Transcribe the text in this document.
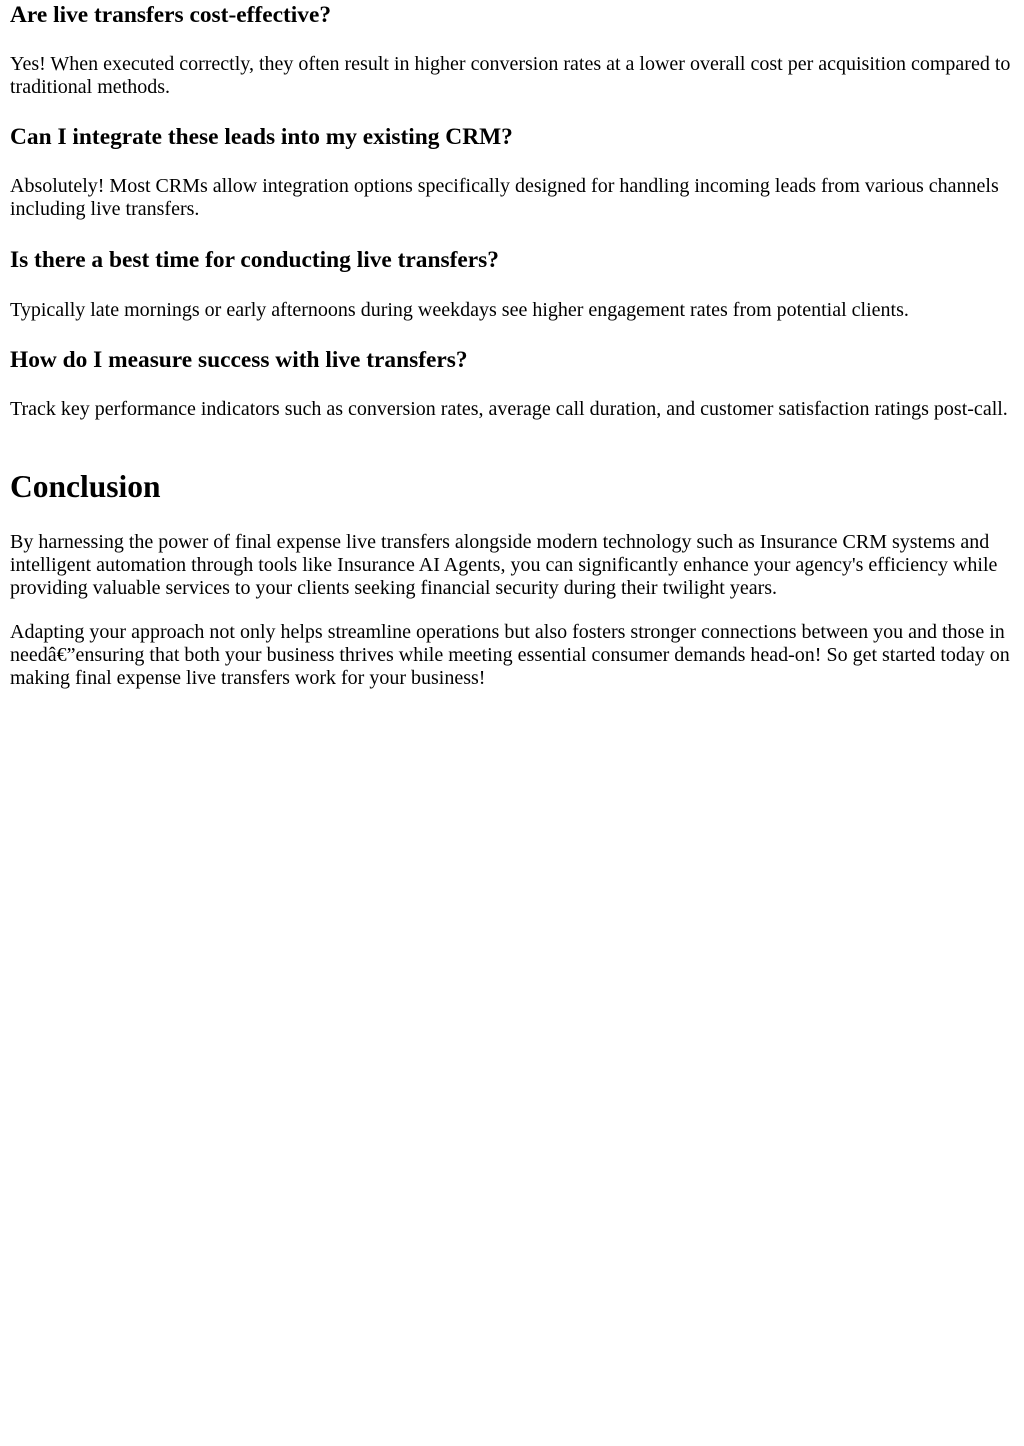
Are live transfers cost-effective?

Yes! When executed correctly, they often result in higher conversion rates at a lower overall cost per acquisition compared to traditional methods.

Can I integrate these leads into my existing CRM?

Absolutely! Most CRMs allow integration options specifically designed for handling incoming leads from various channels including live transfers.

Is there a best time for conducting live transfers?

Typically late mornings or early afternoons during weekdays see higher engagement rates from potential clients.

How do I measure success with live transfers?

Track key performance indicators such as conversion rates, average call duration, and customer satisfaction ratings post-call.

Conclusion

By harnessing the power of final expense live transfers alongside modern technology such as Insurance CRM systems and intelligent automation through tools like Insurance AI Agents, you can significantly enhance your agency's efficiency while providing valuable services to your clients seeking financial security during their twilight years.

Adapting your approach not only helps streamline operations but also fosters stronger connections between you and those in needâ€”ensuring that both your business thrives while meeting essential consumer demands head-on! So get started today on making final expense live transfers work for your business!
